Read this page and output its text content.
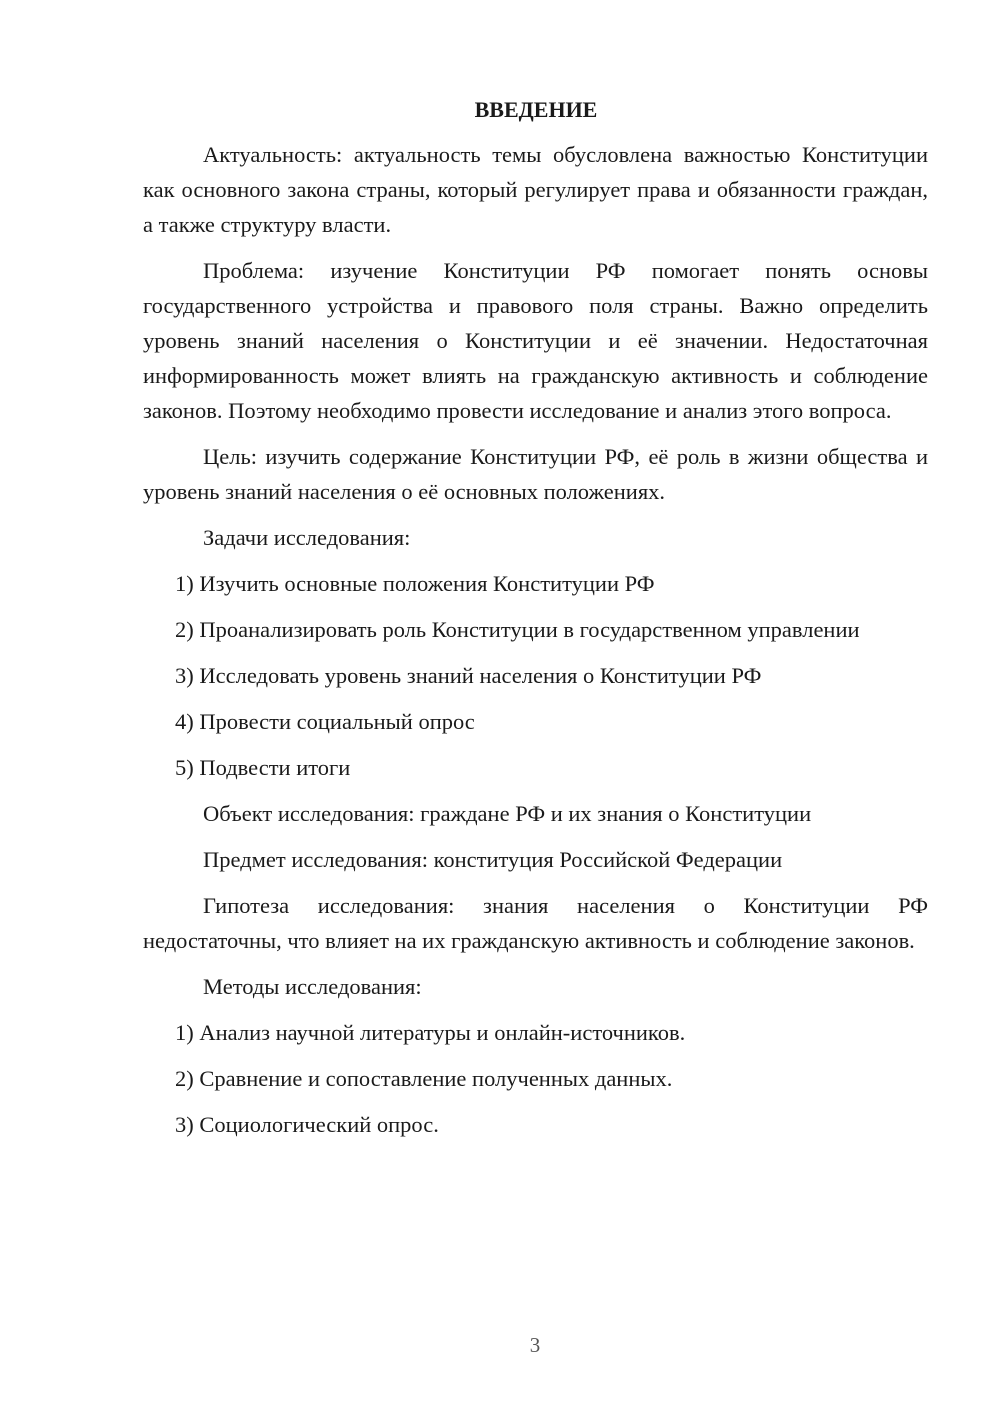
ВВЕДЕНИЕ

Актуальность: актуальность темы обусловлена важностью Конституции как основного закона страны, который регулирует права и обязанности граждан, а также структуру власти.

Проблема: изучение Конституции РФ помогает понять основы государственного устройства и правового поля страны. Важно определить уровень знаний населения о Конституции и её значении. Недостаточная информированность может влиять на гражданскую активность и соблюдение законов. Поэтому необходимо провести исследование и анализ этого вопроса.

Цель: изучить содержание Конституции РФ, её роль в жизни общества и уровень знаний населения о её основных положениях.

Задачи исследования:

1) Изучить основные положения Конституции РФ

2) Проанализировать роль Конституции в государственном управлении

3) Исследовать уровень знаний населения о Конституции РФ

4) Провести социальный опрос

5) Подвести итоги

Объект исследования: граждане РФ и их знания о Конституции

Предмет исследования: конституция Российской Федерации

Гипотеза исследования: знания населения о Конституции РФ недостаточны, что влияет на их гражданскую активность и соблюдение законов.

Методы исследования:

1) Анализ научной литературы и онлайн-источников.

2) Сравнение и сопоставление полученных данных.

3) Социологический опрос.

3
